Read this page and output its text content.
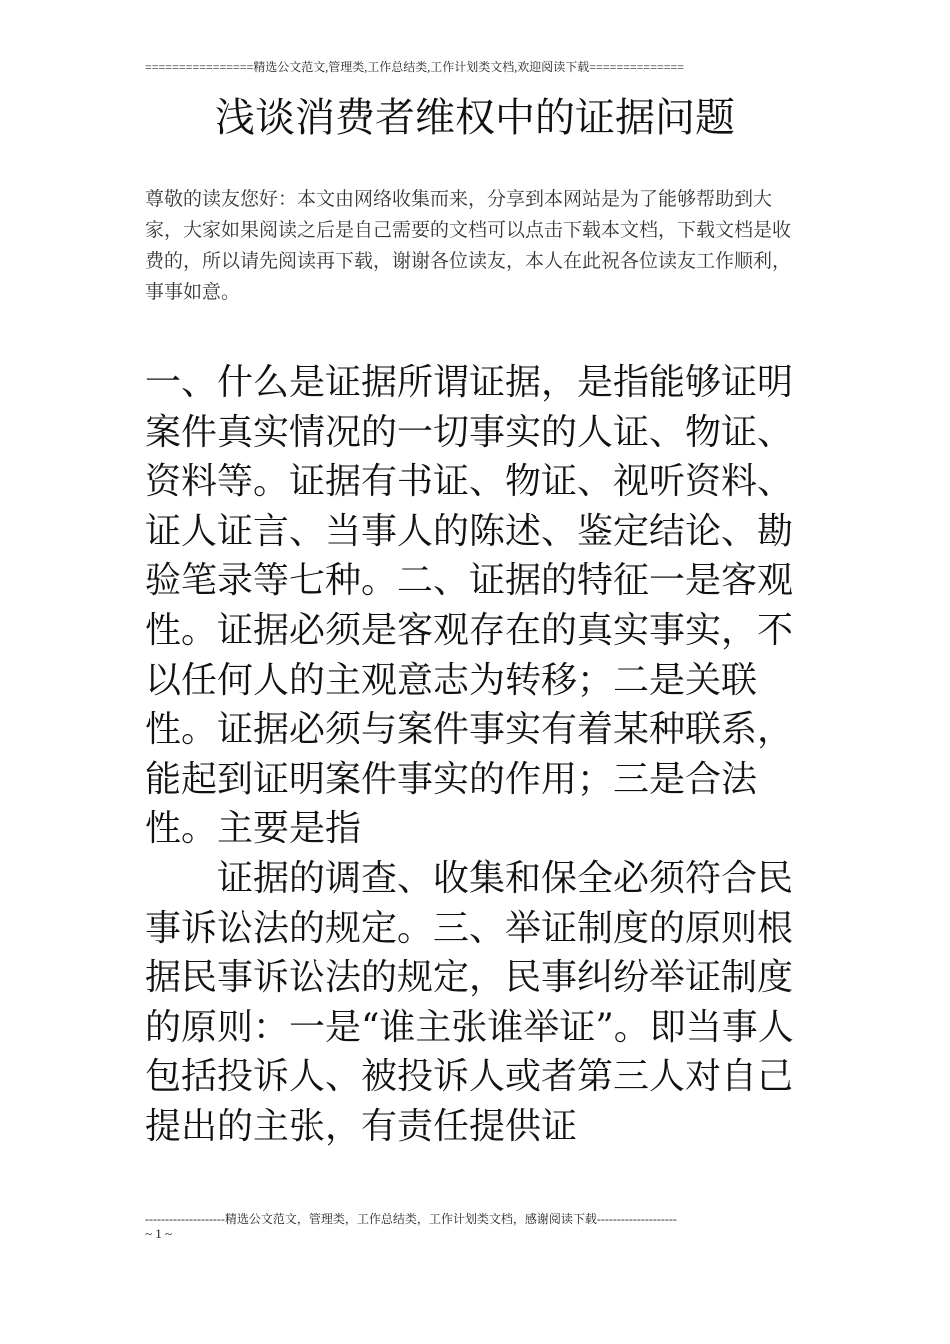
================精选公文范文,管理类,工作总结类,工作计划类文档,欢迎阅读下载==============
浅谈消费者维权中的证据问题

尊敬的读友您好：本文由网络收集而来，分享到本网站是为了能够帮助到大家，大家如果阅读之后是自己需要的文档可以点击下载本文档，下载文档是收费的，所以请先阅读再下载，谢谢各位读友，本人在此祝各位读友工作顺利，事事如意。

一、什么是证据所谓证据，是指能够证明案件真实情况的一切事实的人证、物证、资料等。证据有书证、物证、视听资料、证人证言、当事人的陈述、鉴定结论、勘验笔录等七种。二、证据的特征一是客观性。证据必须是客观存在的真实事实，不以任何人的主观意志为转移；二是关联性。证据必须与案件事实有着某种联系，能起到证明案件事实的作用；三是合法性。主要是指

证据的调查、收集和保全必须符合民事诉讼法的规定。三、举证制度的原则根据民事诉讼法的规定，民事纠纷举证制度的原则：一是“谁主张谁举证”。即当事人包括投诉人、被投诉人或者第三人对自己提出的主张，有责任提供证

--------------------精选公文范文，管理类，工作总结类，工作计划类文档，感谢阅读下载--------------------
~ 1 ~
